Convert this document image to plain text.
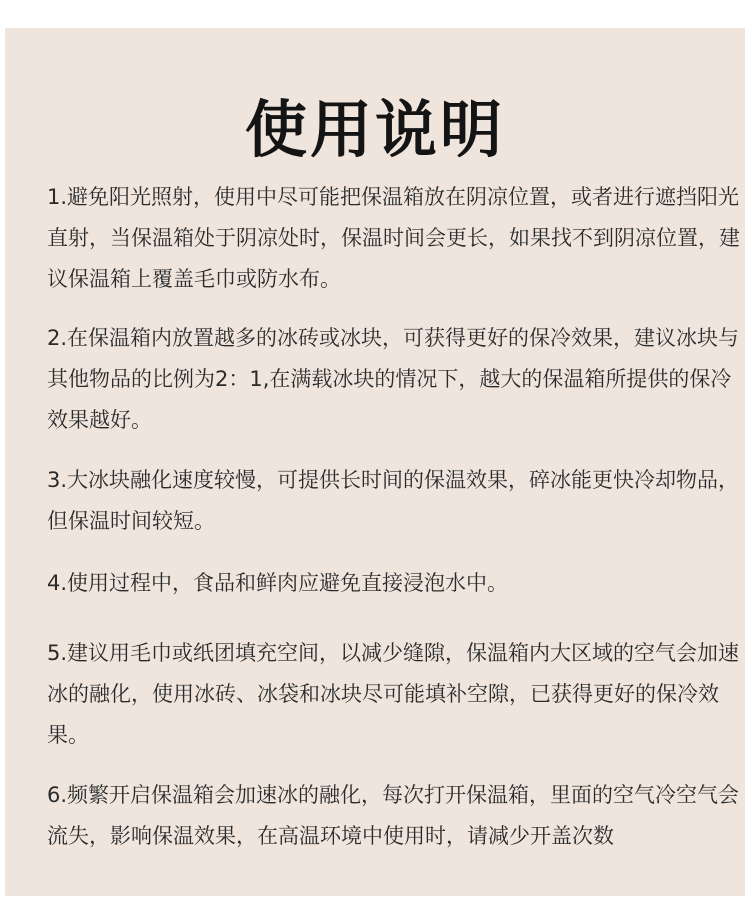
使用说明

1.避免阳光照射，使用中尽可能把保温箱放在阴凉位置，或者进行遮挡阳光直射，当保温箱处于阴凉处时，保温时间会更长，如果找不到阴凉位置，建议保温箱上覆盖毛巾或防水布。

2.在保温箱内放置越多的冰砖或冰块，可获得更好的保冷效果，建议冰块与其他物品的比例为2：1,在满载冰块的情况下，越大的保温箱所提供的保冷效果越好。

3.大冰块融化速度较慢，可提供长时间的保温效果，碎冰能更快冷却物品，但保温时间较短。

4.使用过程中，食品和鲜肉应避免直接浸泡水中。

5.建议用毛巾或纸团填充空间，以减少缝隙，保温箱内大区域的空气会加速冰的融化，使用冰砖、冰袋和冰块尽可能填补空隙，已获得更好的保冷效果。

6.频繁开启保温箱会加速冰的融化，每次打开保温箱，里面的空气冷空气会流失，影响保温效果，在高温环境中使用时，请减少开盖次数
